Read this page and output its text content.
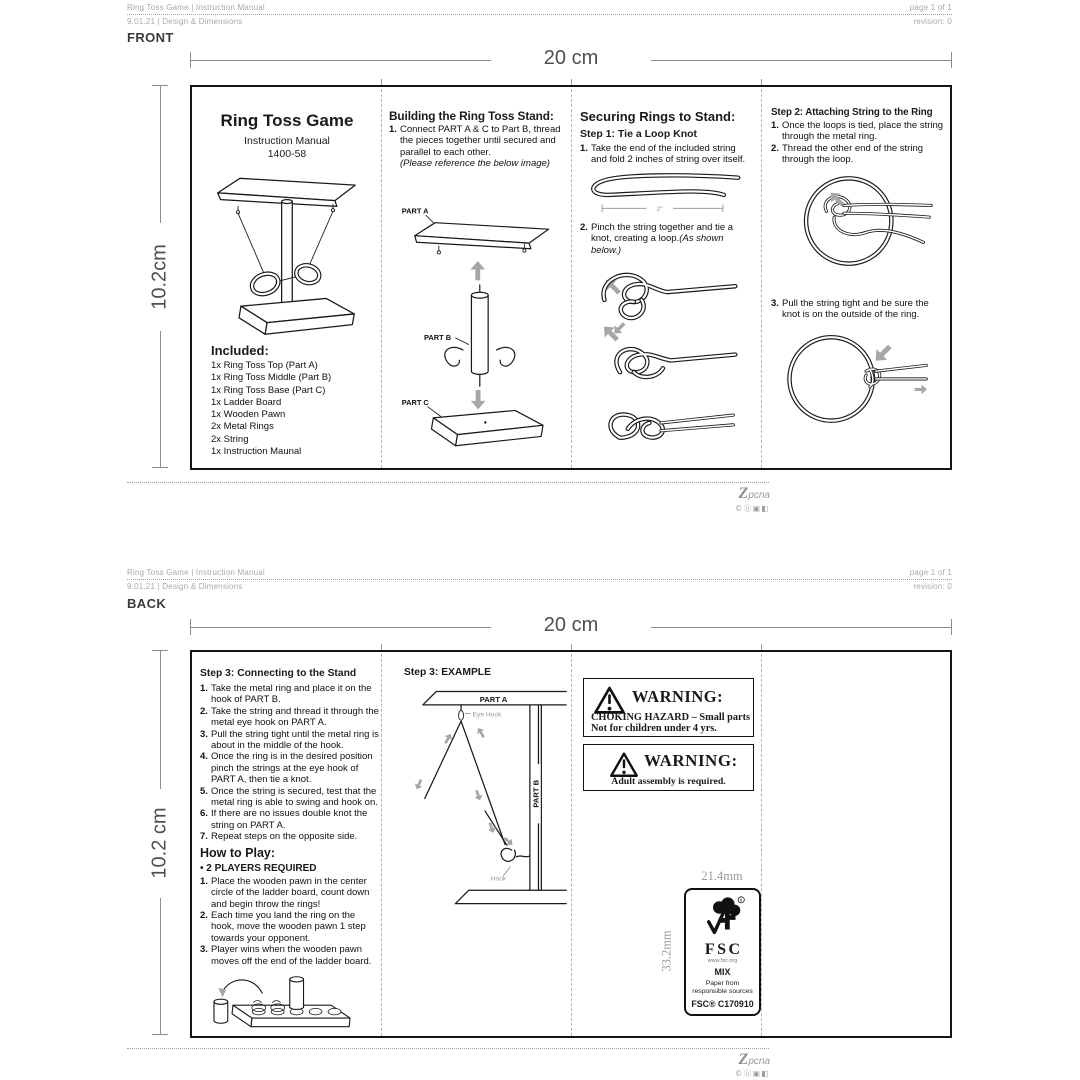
Ring Toss Game | Instruction Manual	page 1 of 1
9.01.21 | Design & Dimensions	revision: 0
FRONT
20 cm
10.2cm
Ring Toss Game
Instruction Manual
1400-58
Included:
1x Ring Toss Top (Part A)
1x Ring Toss Middle (Part B)
1x Ring Toss Base (Part C)
1x Ladder Board
1x Wooden Pawn
2x Metal Rings
2x String
1x Instruction Maunal
Building the Ring Toss Stand:
1. Connect PART A & C to Part B, thread the pieces together until secured and parallel to each other.
(Please reference the below image)
PART A
PART B
PART C
Securing Rings to Stand:
Step 1: Tie a Loop Knot
1. Take the end of the included string and fold 2 inches of string over itself.
2"
2. Pinch the string together and tie a knot, creating a loop.(As shown below.)
Step 2: Attaching String to the Ring
1. Once the loops is tied, place the string through the metal ring.
2. Thread the other end of the string through the loop.
3. Pull the string tight and be sure the knot is on the outside of the ring.
Zpcna
©ⓑ▣◧
Ring Toss Game | Instruction Manual	page 1 of 1
9.01.21 | Design & Dimensions	revision: 0
BACK
20 cm
10.2 cm
Step 3: Connecting to the Stand
1. Take the metal ring and place it on the hook of PART B.
2. Take the string and thread it through the metal eye hook on PART A.
3. Pull the string tight until the metal ring is about in the middle of the hook.
4. Once the ring is in the desired position pinch the strings at the eye hook of PART A, then tie a knot.
5. Once the string is secured, test that the metal ring is able to swing and hook on.
6. If there are no issues double knot the string on PART A.
7. Repeat steps on the opposite side.
How to Play:
• 2 PLAYERS REQUIRED
1. Place the wooden pawn in the center circle of the ladder board, count down and begin throw the rings!
2. Each time you land the ring on the hook, move the wooden pawn 1 step towards your opponent.
3. Player wins when the wooden pawn moves off the end of the ladder board.
Step 3: EXAMPLE
PART A
Eye Hook
PART B
Hook
WARNING:
CHOKING HAZARD – Small parts
Not for children under 4 yrs.
WARNING:
Adult assembly is required.
21.4mm
33.2mm
R
FSC
www.fsc.org
MIX
Paper from
responsible sources
FSC® C170910
Zpcna
©ⓑ▣◧
